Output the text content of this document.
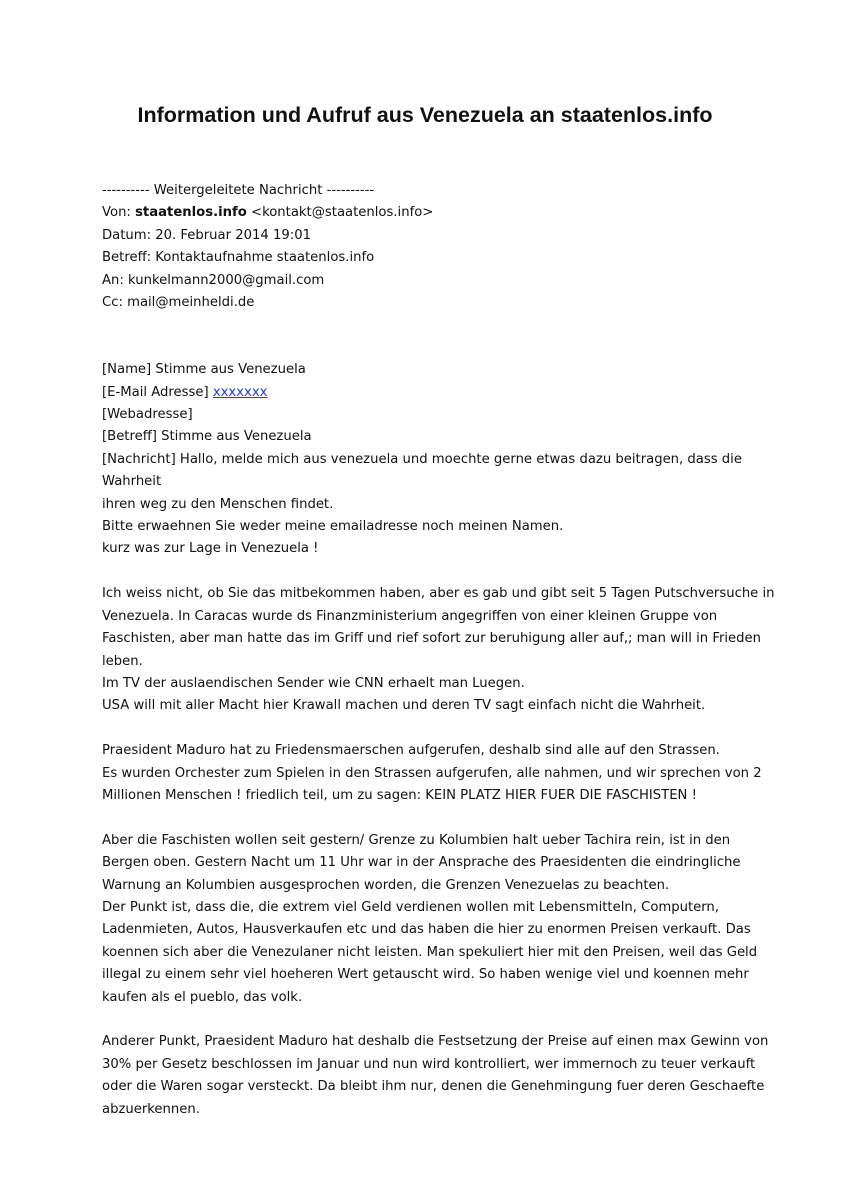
Information und Aufruf aus Venezuela an staatenlos.info
---------- Weitergeleitete Nachricht ----------
Von: staatenlos.info <kontakt@staatenlos.info>
Datum: 20. Februar 2014 19:01
Betreff: Kontaktaufnahme staatenlos.info
An: kunkelmann2000@gmail.com
Cc: mail@meinheldi.de
[Name] Stimme aus Venezuela
[E-Mail Adresse] xxxxxxx
[Webadresse]
[Betreff] Stimme aus Venezuela
[Nachricht] Hallo, melde mich aus venezuela und moechte gerne etwas dazu beitragen, dass die
Wahrheit
ihren weg zu den Menschen findet.
Bitte erwaehnen Sie weder meine emailadresse noch meinen Namen.
kurz was zur Lage in Venezuela !
Ich weiss nicht, ob Sie das mitbekommen haben, aber es gab und gibt seit 5 Tagen Putschversuche in
Venezuela. In Caracas wurde ds Finanzministerium angegriffen von einer kleinen Gruppe von
Faschisten, aber man hatte das im Griff und rief sofort zur beruhigung aller auf,; man will in Frieden
leben.
Im TV der auslaendischen Sender wie CNN erhaelt man Luegen.
USA will mit aller Macht hier Krawall machen und deren TV sagt einfach nicht die Wahrheit.
Praesident Maduro hat zu Friedensmaerschen aufgerufen, deshalb sind alle auf den Strassen.
Es wurden Orchester zum Spielen in den Strassen aufgerufen, alle nahmen, und wir sprechen von 2
Millionen Menschen ! friedlich teil, um zu sagen: KEIN PLATZ HIER FUER DIE FASCHISTEN !
Aber die Faschisten wollen seit gestern/ Grenze zu Kolumbien halt ueber Tachira rein, ist in den
Bergen oben. Gestern Nacht um 11 Uhr war in der Ansprache des Praesidenten die eindringliche
Warnung an Kolumbien ausgesprochen worden, die Grenzen Venezuelas zu beachten.
Der Punkt ist, dass die, die extrem viel Geld verdienen wollen mit Lebensmitteln, Computern,
Ladenmieten, Autos, Hausverkaufen etc und das haben die hier zu enormen Preisen verkauft. Das
koennen sich aber die Venezulaner nicht leisten. Man spekuliert hier mit den Preisen, weil das Geld
illegal zu einem sehr viel hoeheren Wert getauscht wird. So haben wenige viel und koennen mehr
kaufen als el pueblo, das volk.
Anderer Punkt, Praesident Maduro hat deshalb die Festsetzung der Preise auf einen max Gewinn von
30% per Gesetz beschlossen im Januar und nun wird kontrolliert, wer immernoch zu teuer verkauft
oder die Waren sogar versteckt. Da bleibt ihm nur, denen die Genehmingung fuer deren Geschaefte
abzuerkennen.
